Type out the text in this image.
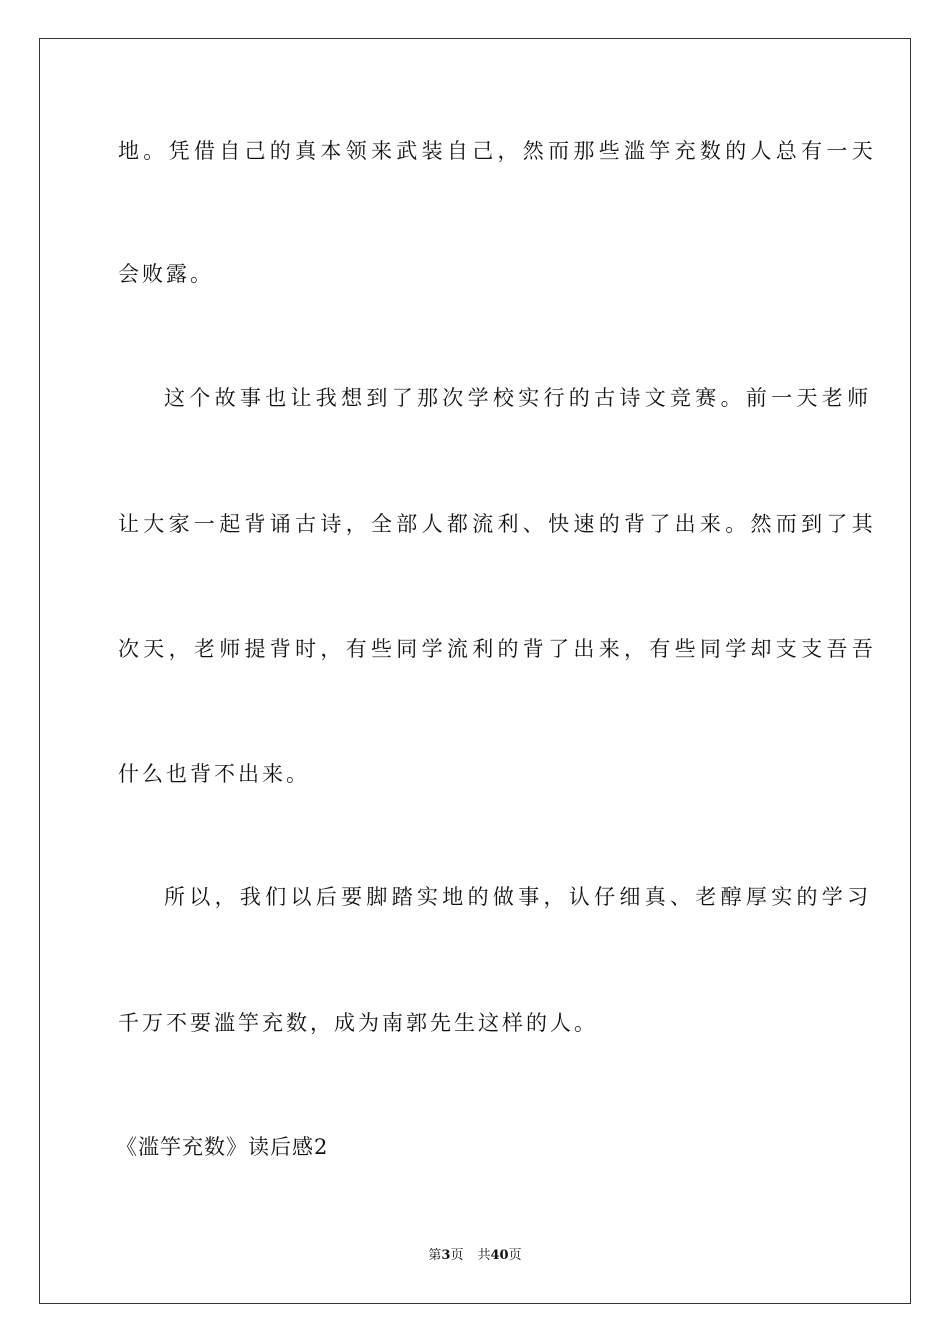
地。凭借自己的真本领来武装自己，然而那些滥竽充数的人总有一天
会败露。
这个故事也让我想到了那次学校实行的古诗文竞赛。前一天老师
让大家一起背诵古诗，全部人都流利、快速的背了出来。然而到了其
次天，老师提背时，有些同学流利的背了出来，有些同学却支支吾吾
什么也背不出来。
所以，我们以后要脚踏实地的做事，认仔细真、老醇厚实的学习
千万不要滥竽充数，成为南郭先生这样的人。
《滥竽充数》读后感2
第3页 共40页
